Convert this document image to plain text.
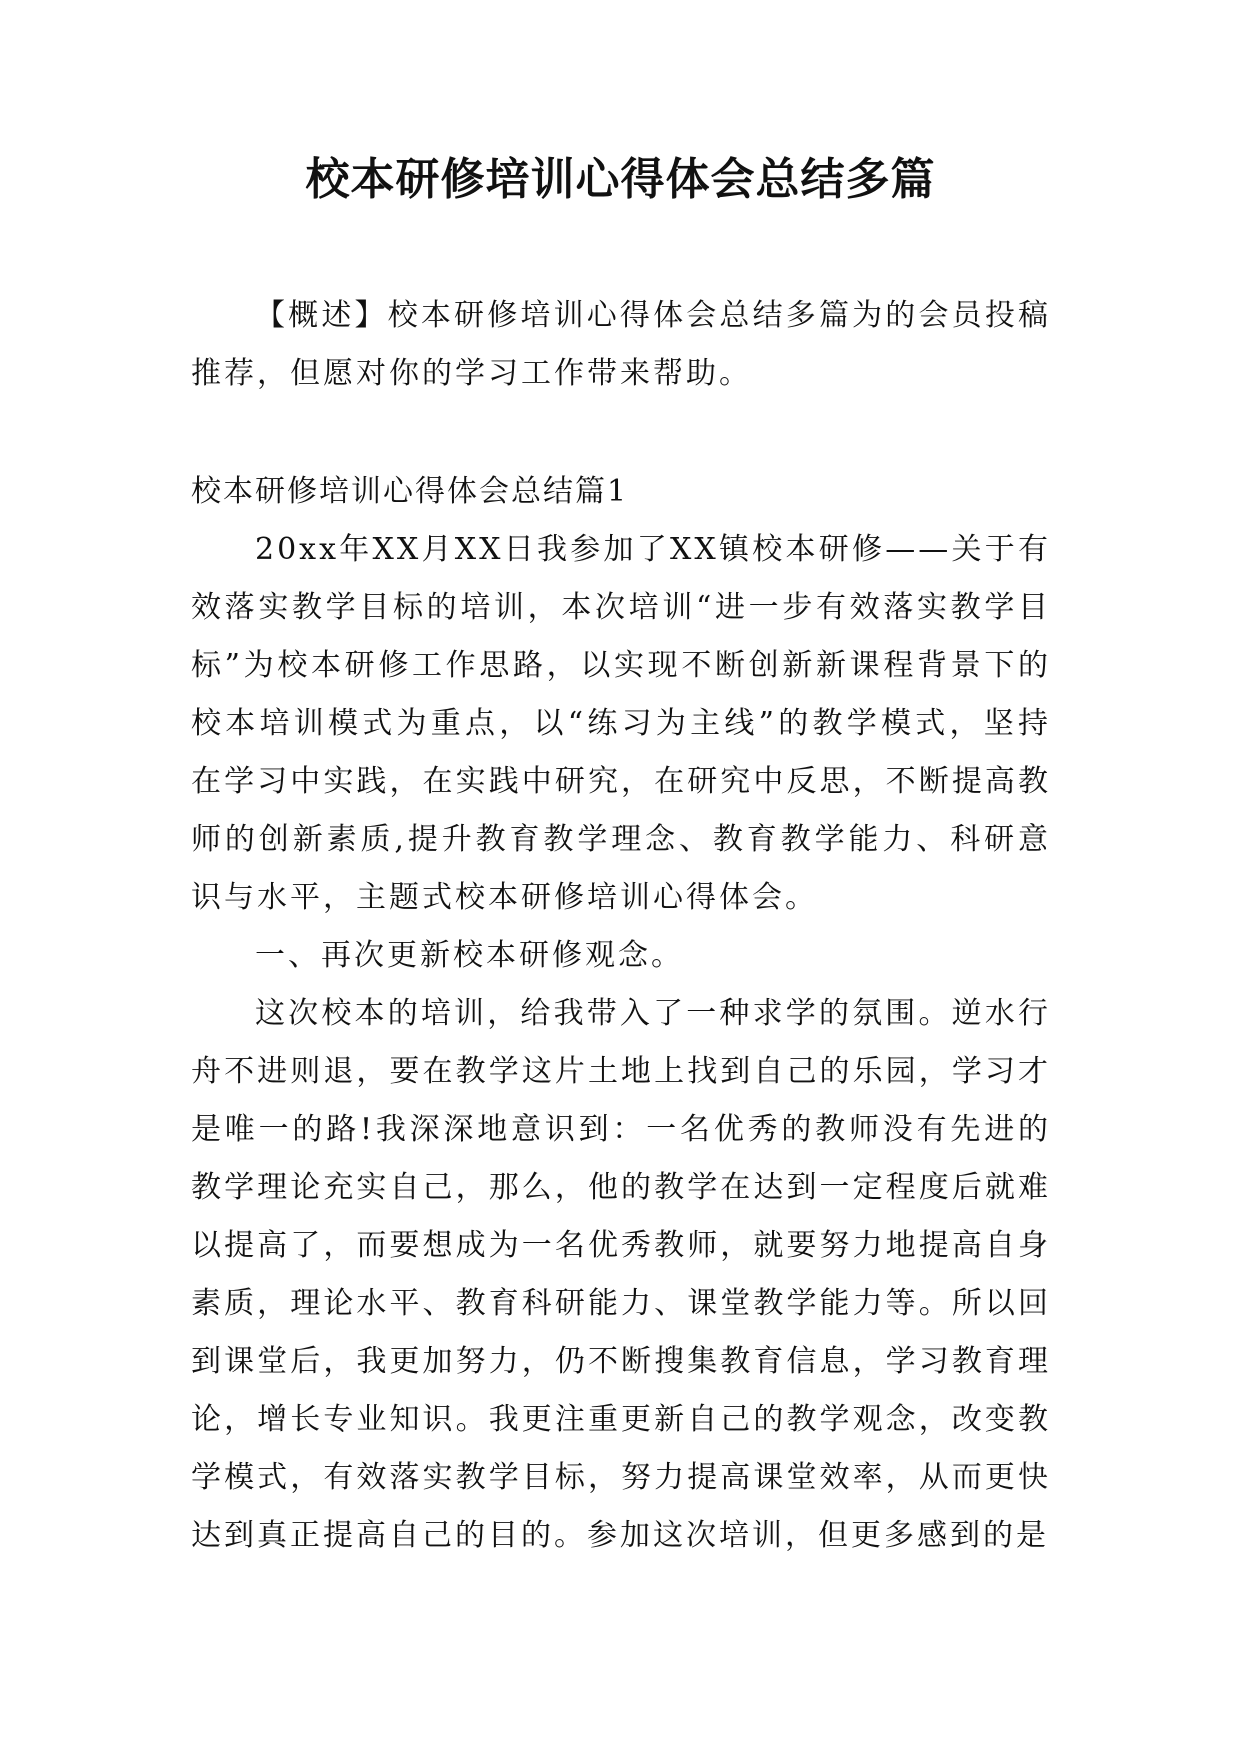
校本研修培训心得体会总结多篇

【概述】校本研修培训心得体会总结多篇为的会员投稿推荐，但愿对你的学习工作带来帮助。

校本研修培训心得体会总结篇1

20xx年XX月XX日我参加了XX镇校本研修——关于有效落实教学目标的培训，本次培训“进一步有效落实教学目标”为校本研修工作思路，以实现不断创新新课程背景下的校本培训模式为重点，以“练习为主线”的教学模式，坚持在学习中实践，在实践中研究，在研究中反思，不断提高教师的创新素质,提升教育教学理念、教育教学能力、科研意识与水平，主题式校本研修培训心得体会。

一、再次更新校本研修观念。

这次校本的培训，给我带入了一种求学的氛围。逆水行舟不进则退，要在教学这片土地上找到自己的乐园，学习才是唯一的路!我深深地意识到：一名优秀的教师没有先进的教学理论充实自己，那么，他的教学在达到一定程度后就难以提高了，而要想成为一名优秀教师，就要努力地提高自身素质，理论水平、教育科研能力、课堂教学能力等。所以回到课堂后，我更加努力，仍不断搜集教育信息，学习教育理论，增长专业知识。我更注重更新自己的教学观念，改变教学模式，有效落实教学目标，努力提高课堂效率，从而更快达到真正提高自己的目的。参加这次培训，但更多感到的是
